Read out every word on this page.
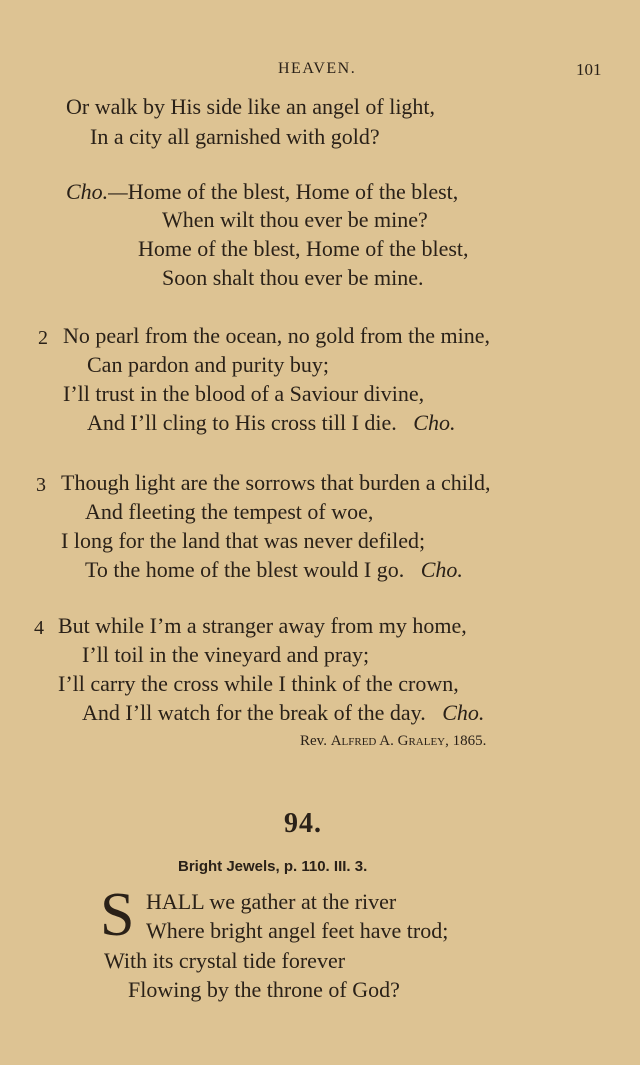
HEAVEN.	101
Or walk by His side like an angel of light,
In a city all garnished with gold?
Cho.—Home of the blest, Home of the blest,
When wilt thou ever be mine?
Home of the blest, Home of the blest,
Soon shalt thou ever be mine.
2 No pearl from the ocean, no gold from the mine,
Can pardon and purity buy;
I’ll trust in the blood of a Saviour divine,
And I’ll cling to His cross till I die. Cho.
3 Though light are the sorrows that burden a child,
And fleeting the tempest of woe,
I long for the land that was never defiled;
To the home of the blest would I go. Cho.
4 But while I’m a stranger away from my home,
I’ll toil in the vineyard and pray;
I’ll carry the cross while I think of the crown,
And I’ll watch for the break of the day. Cho.
Rev. Alfred A. Graley, 1865.
94.
Bright Jewels, p. 110. III. 3.
S HALL we gather at the river
Where bright angel feet have trod;
With its crystal tide forever
Flowing by the throne of God?
